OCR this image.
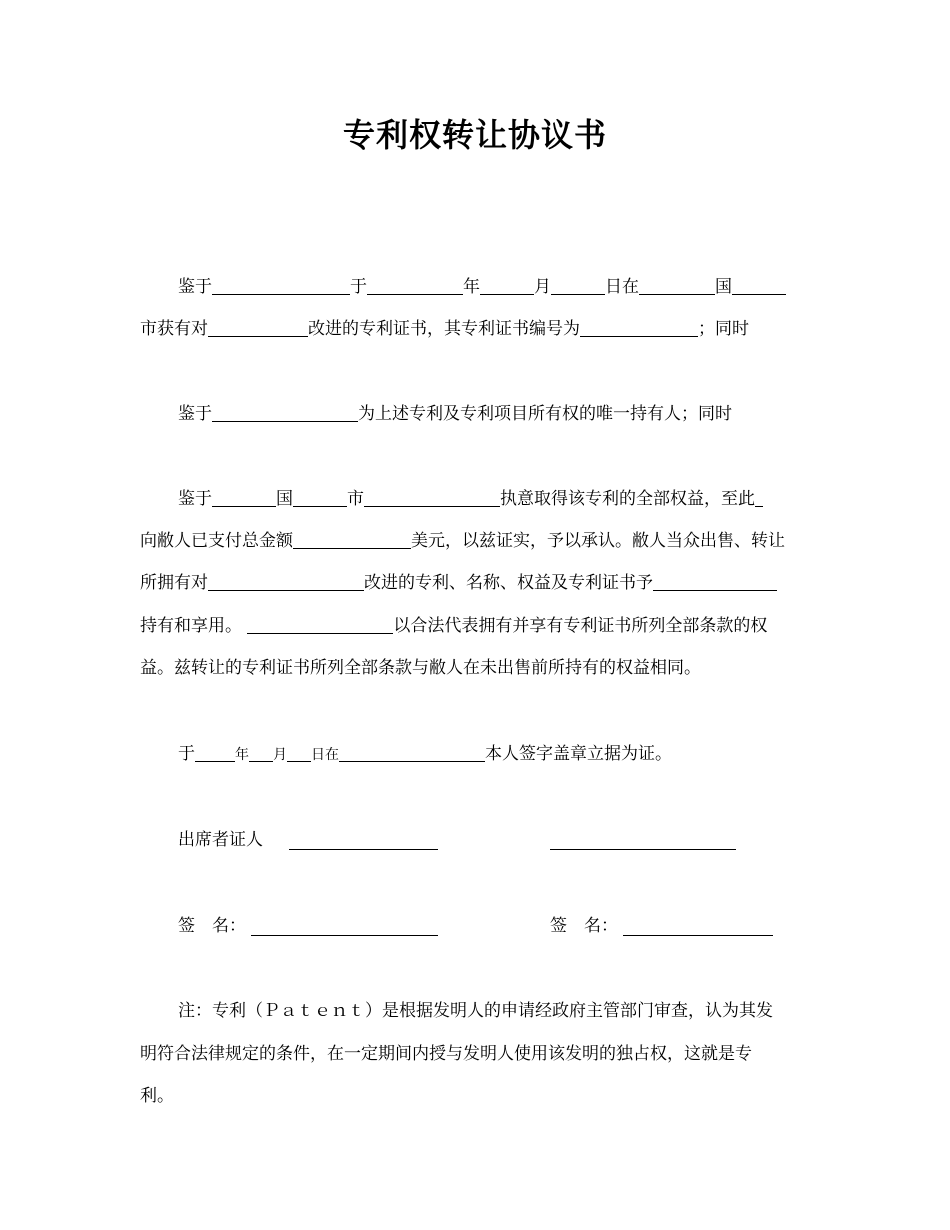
专利权转让协议书
鉴于	于	年	月	日在	国
市获有对	改进的专利证书，其专利证书编号为	；同时
鉴于	为上述专利及专利项目所有权的唯一持有人；同时
鉴于	国	市	执意取得该专利的全部权益，至此
向敝人已支付总金额	美元，以兹证实，予以承认。敝人当众出售、转让
所拥有对	改进的专利、名称、权益及专利证书予
持有和享用。	以合法代表拥有并享有专利证书所列全部条款的权
益。兹转让的专利证书所列全部条款与敝人在未出售前所持有的权益相同。
于	年 月 日在	本人签字盖章立据为证。
出席者证人
签　名：	签　名：
注：专利（Ｐａｔｅｎｔ）是根据发明人的申请经政府主管部门审查，认为其发
明符合法律规定的条件，在一定期间内授与发明人使用该发明的独占权，这就是专
利。
